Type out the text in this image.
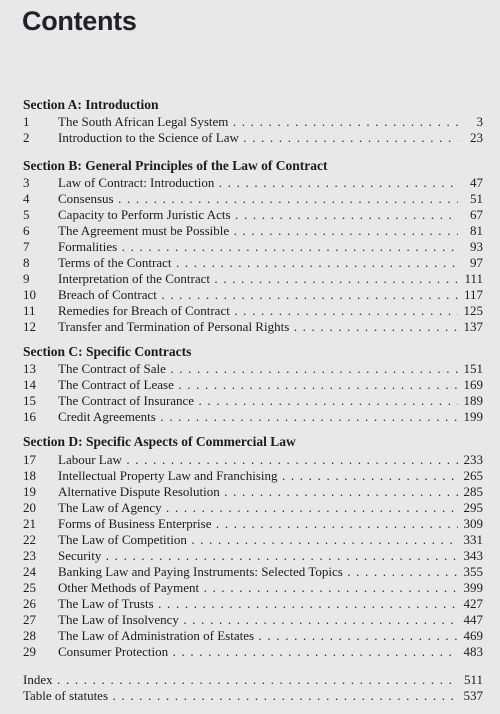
Contents
Section A: Introduction
1 The South African Legal System . . .	3
2 Introduction to the Science of Law . . .	23
Section B: General Principles of the Law of Contract
3 Law of Contract: Introduction . . .	47
4 Consensus . . .	51
5 Capacity to Perform Juristic Acts . . .	67
6 The Agreement must be Possible . . .	81
7 Formalities . . .	93
8 Terms of the Contract . . .	97
9 Interpretation of the Contract . . .	111
10 Breach of Contract . . .	117
11 Remedies for Breach of Contract . . .	125
12 Transfer and Termination of Personal Rights . . .	137
Section C: Specific Contracts
13 The Contract of Sale . . .	151
14 The Contract of Lease . . .	169
15 The Contract of Insurance . . .	189
16 Credit Agreements . . .	199
Section D: Specific Aspects of Commercial Law
17 Labour Law . . .	233
18 Intellectual Property Law and Franchising . . .	265
19 Alternative Dispute Resolution . . .	285
20 The Law of Agency . . .	295
21 Forms of Business Enterprise . . .	309
22 The Law of Competition . . .	331
23 Security . . .	343
24 Banking Law and Paying Instruments: Selected Topics . . .	355
25 Other Methods of Payment . . .	399
26 The Law of Trusts . . .	427
27 The Law of Insolvency . . .	447
28 The Law of Administration of Estates . . .	469
29 Consumer Protection . . .	483
Index . . .	511
Table of statutes . . .	537
